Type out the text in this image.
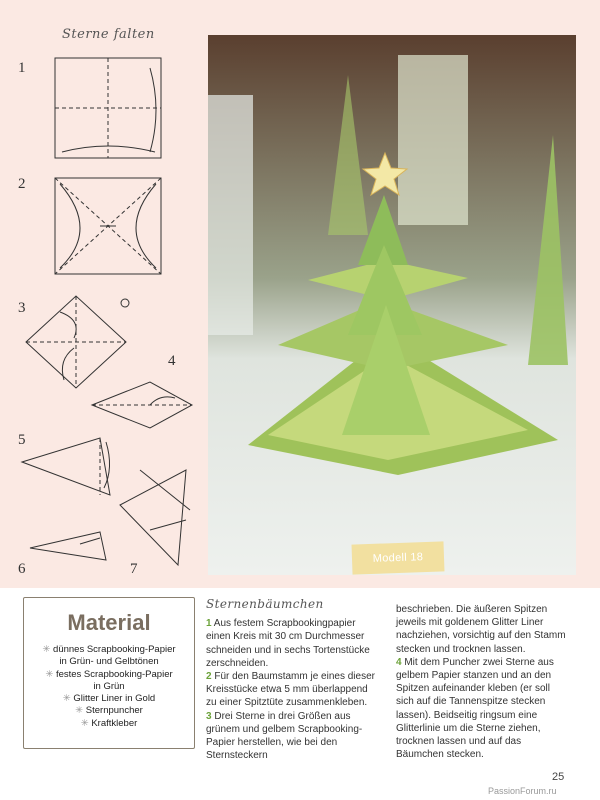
Sterne falten
1
2
3
4
5
6	7
Modell 18
Material
✳ dünnes Scrapbooking-Papier
in Grün- und Gelbtönen
✳ festes Scrapbooking-Papier
in Grün
✳ Glitter Liner in Gold
✳ Sternpuncher
✳ Kraftkleber
Sternenbäumchen
1 Aus festem Scrapbookingpapier einen Kreis mit 30 cm Durchmesser schneiden und in sechs Tortenstücke zerschneiden.
2 Für den Baumstamm je eines dieser Kreisstücke etwa 5 mm überlappend zu einer Spitztüte zusammenkleben.
3 Drei Sterne in drei Größen aus grünem und gelbem Scrapbooking-Papier herstellen, wie bei den Sternsteckern
beschrieben. Die äußeren Spitzen jeweils mit goldenem Glitter Liner nachziehen, vorsichtig auf den Stamm stecken und trocknen lassen.
4 Mit dem Puncher zwei Sterne aus gelbem Papier stanzen und an den Spitzen aufeinander kleben (er soll sich auf die Tannenspitze stecken lassen). Beidseitig ringsum eine Glitterlinie um die Sterne ziehen, trocknen lassen und auf das Bäumchen stecken.
25
PassionForum.ru
